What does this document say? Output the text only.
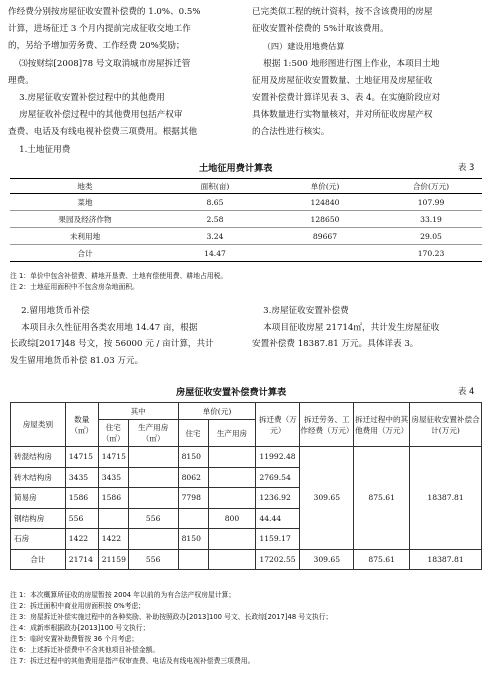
作经费分别按房屋征收安置补偿费的 1.0%、0.5%

计算，进场征迁 3 个月内提前完成征收交地工作

的，另给予增加劳务费、工作经费 20%奖励；

⑶按财综[2008]78 号文取消城市房屋拆迁管

理费。

3.房屋征收安置补偿过程中的其他费用

房屋征收补偿过程中的其他费用包括产权审

查费、电话及有线电视补偿费三项费用。根据其他

1.土地征用费

已完类似工程的统计资料，按不含该费用的房屋

征收安置补偿费的 5%计取该费用。

（四）建设用地费估算

根据 1:500 地形图进行图上作业，本项目土地

征用及房屋征收安置数量、土地征用及房屋征收

安置补偿费计算详见表 3、表 4。在实施阶段应对

具体数量进行实物量核对，并对所征收房屋产权

的合法性进行核实。

土地征用费计算表	表 3
地类	面积(亩)	单价(元)	合价(万元)
菜地	8.65	124840	107.99
果园及经济作物	2.58	128650	33.19
未利用地	3.24	89667	29.05
合计	14.47		170.23
注 1：单价中包含补偿费、耕地开垦费、土地有偿使用费、耕地占用税。
注 2：土地征用面积中不包含房杂地面积。

2.留用地货币补偿

本项目永久性征用各类农用地 14.47 亩，根据

长政综[2017]48 号文，按 56000 元 / 亩计算，共计

发生留用地货币补偿 81.03 万元。

3.房屋征收安置补偿费

本项目征收房屋 21714㎡，共计发生房屋征收

安置补偿费 18387.81 万元。具体详表 3。

房屋征收安置补偿费计算表	表 4
房屋类别	数量（㎡）	其中		单价(元)		拆迁费（万元）	拆迁劳务、工作经费（万元）	拆迁过程中的其他费用（万元）	房屋征收安置补偿合计(万元)
		住宅（㎡）	生产用房（㎡）	住宅	生产用房				
砖混结构房	14715	14715		8150		11992.48	309.65	875.61	18387.81
砖木结构房	3435	3435		8062		2769.54			
简易房	1586	1586		7798		1236.92			
钢结构房	556		556		800	44.44			
石房	1422	1422		8150		1159.17			
合计	21714	21159	556			17202.55	309.65	875.61	18387.81
注 1：本次概算所征收的房屋暂按 2004 年以前的为有合法产权房屋计算；
注 2：拆迁面积中商业用房面积按 0%考虑；
注 3：房屋拆迁补偿实施过程中的各种奖励、补助按照政办[2013]100 号文、长政综[2017]48 号文执行；
注 4：成新率根据政办[2013]100 号文执行；
注 5：临时安置补助费暂按 36 个月考虑；
注 6：上述拆迁补偿费中不含其他项目补偿金额。
注 7：拆迁过程中的其他费用是指产权审查费、电话及有线电视补偿费三项费用。
